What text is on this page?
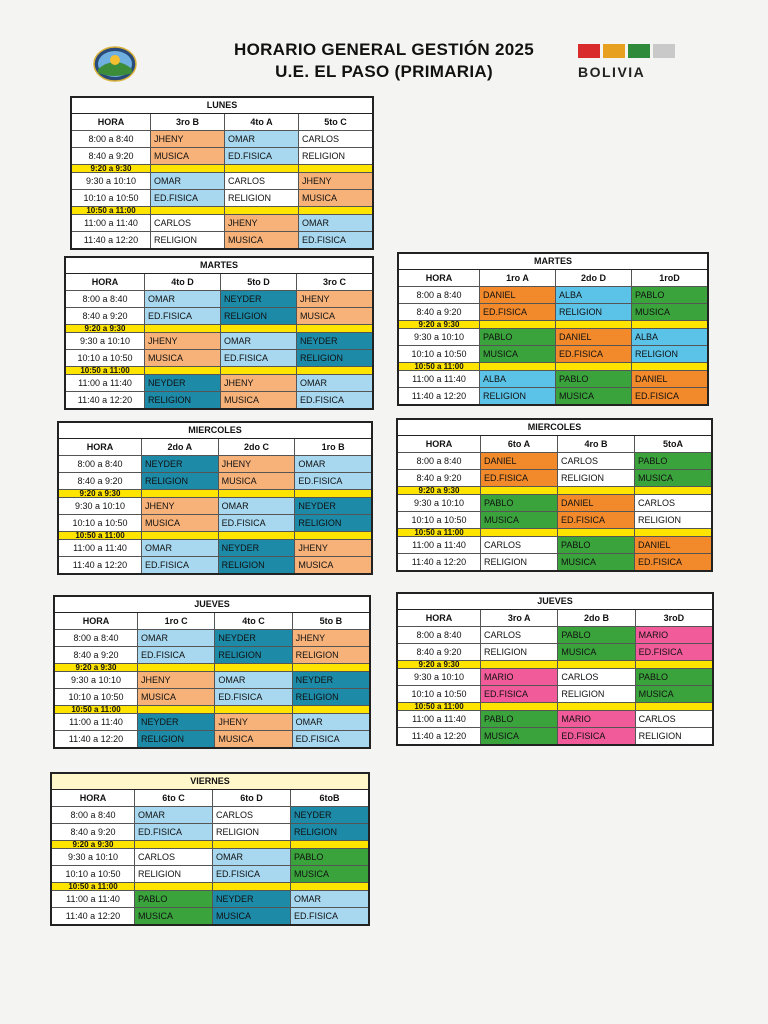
HORARIO GENERAL GESTIÓN 2025
U.E. EL PASO (PRIMARIA)
	BOLIVIA
LUNES
HORA	3ro B	4to A	5to C
8:00 a 8:40	JHENY	OMAR	CARLOS
8:40 a 9:20	MUSICA	ED.FISICA	RELIGION
9:20 a 9:30
9:30 a 10:10	OMAR	CARLOS	JHENY
10:10 a 10:50	ED.FISICA	RELIGION	MUSICA
10:50 a 11:00
11:00 a 11:40	CARLOS	JHENY	OMAR
11:40 a 12:20	RELIGION	MUSICA	ED.FISICA
MARTES
HORA	4to D	5to D	3ro C
8:00 a 8:40	OMAR	NEYDER	JHENY
8:40 a 9:20	ED.FISICA	RELIGION	MUSICA
9:20 a 9:30
9:30 a 10:10	JHENY	OMAR	NEYDER
10:10 a 10:50	MUSICA	ED.FISICA	RELIGION
10:50 a 11:00
11:00 a 11:40	NEYDER	JHENY	OMAR
11:40 a 12:20	RELIGION	MUSICA	ED.FISICA
MARTES
HORA	1ro A	2do D	1roD
8:00 a 8:40	DANIEL	ALBA	PABLO
8:40 a 9:20	ED.FISICA	RELIGION	MUSICA
9:20 a 9:30
9:30 a 10:10	PABLO	DANIEL	ALBA
10:10 a 10:50	MUSICA	ED.FISICA	RELIGION
10:50 a 11:00
11:00 a 11:40	ALBA	PABLO	DANIEL
11:40 a 12:20	RELIGION	MUSICA	ED.FISICA
MIERCOLES
HORA	2do A	2do C	1ro B
8:00 a 8:40	NEYDER	JHENY	OMAR
8:40 a 9:20	RELIGION	MUSICA	ED.FISICA
9:20 a 9:30
9:30 a 10:10	JHENY	OMAR	NEYDER
10:10 a 10:50	MUSICA	ED.FISICA	RELIGION
10:50 a 11:00
11:00 a 11:40	OMAR	NEYDER	JHENY
11:40 a 12:20	ED.FISICA	RELIGION	MUSICA
MIERCOLES
HORA	6to A	4ro B	5toA
8:00 a 8:40	DANIEL	CARLOS	PABLO
8:40 a 9:20	ED.FISICA	RELIGION	MUSICA
9:20 a 9:30
9:30 a 10:10	PABLO	DANIEL	CARLOS
10:10 a 10:50	MUSICA	ED.FISICA	RELIGION
10:50 a 11:00
11:00 a 11:40	CARLOS	PABLO	DANIEL
11:40 a 12:20	RELIGION	MUSICA	ED.FISICA
JUEVES
HORA	1ro C	4to C	5to B
8:00 a 8:40	OMAR	NEYDER	JHENY
8:40 a 9:20	ED.FISICA	RELIGION	RELIGION
9:20 a 9:30
9:30 a 10:10	JHENY	OMAR	NEYDER
10:10 a 10:50	MUSICA	ED.FISICA	RELIGION
10:50 a 11:00
11:00 a 11:40	NEYDER	JHENY	OMAR
11:40 a 12:20	RELIGION	MUSICA	ED.FISICA
JUEVES
HORA	3ro A	2do B	3roD
8:00 a 8:40	CARLOS	PABLO	MARIO
8:40 a 9:20	RELIGION	MUSICA	ED.FISICA
9:20 a 9:30
9:30 a 10:10	MARIO	CARLOS	PABLO
10:10 a 10:50	ED.FISICA	RELIGION	MUSICA
10:50 a 11:00
11:00 a 11:40	PABLO	MARIO	CARLOS
11:40 a 12:20	MUSICA	ED.FISICA	RELIGION
VIERNES
HORA	6to C	6to D	6toB
8:00 a 8:40	OMAR	CARLOS	NEYDER
8:40 a 9:20	ED.FISICA	RELIGION	RELIGION
9:20 a 9:30
9:30 a 10:10	CARLOS	OMAR	PABLO
10:10 a 10:50	RELIGION	ED.FISICA	MUSICA
10:50 a 11:00
11:00 a 11:40	PABLO	NEYDER	OMAR
11:40 a 12:20	MUSICA	MUSICA	ED.FISICA
